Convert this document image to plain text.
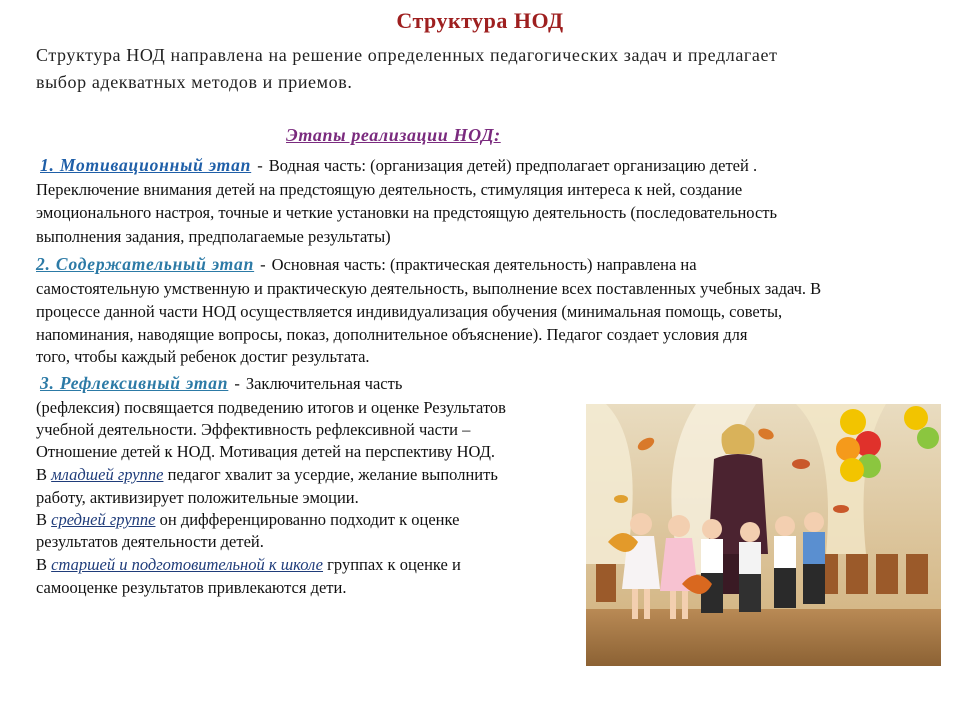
Структура НОД
Структура НОД направлена на решение определенных педагогических задач и предлагает
выбор адекватных методов и приемов.
Этапы реализации НОД:
1. Мотивационный этап - Водная часть: (организация детей) предполагает организацию детей .
Переключение внимания детей на предстоящую деятельность, стимуляция интереса к ней, создание
эмоционального настроя, точные и четкие установки на предстоящую деятельность (последовательность
выполнения задания, предполагаемые результаты)
2. Содержательный этап - Основная часть: (практическая деятельность) направлена на
самостоятельную умственную и практическую деятельность, выполнение всех поставленных учебных задач. В
процессе данной части НОД осуществляется индивидуализация обучения (минимальная помощь, советы,
напоминания, наводящие вопросы, показ, дополнительное объяснение). Педагог создает условия для
того, чтобы каждый ребенок достиг результата.
3. Рефлексивный этап - Заключительная часть
(рефлексия) посвящается подведению итогов и оценке Результатов
учебной деятельности. Эффективность рефлексивной части –
Отношение детей к НОД. Мотивация детей на перспективу НОД.
В младшей группе педагог хвалит за усердие, желание выполнить
работу, активизирует положительные эмоции.
В средней группе он дифференцированно подходит к оценке
результатов деятельности детей.
В старшей и подготовительной к школе группах к оценке и
самооценке результатов привлекаются дети.
